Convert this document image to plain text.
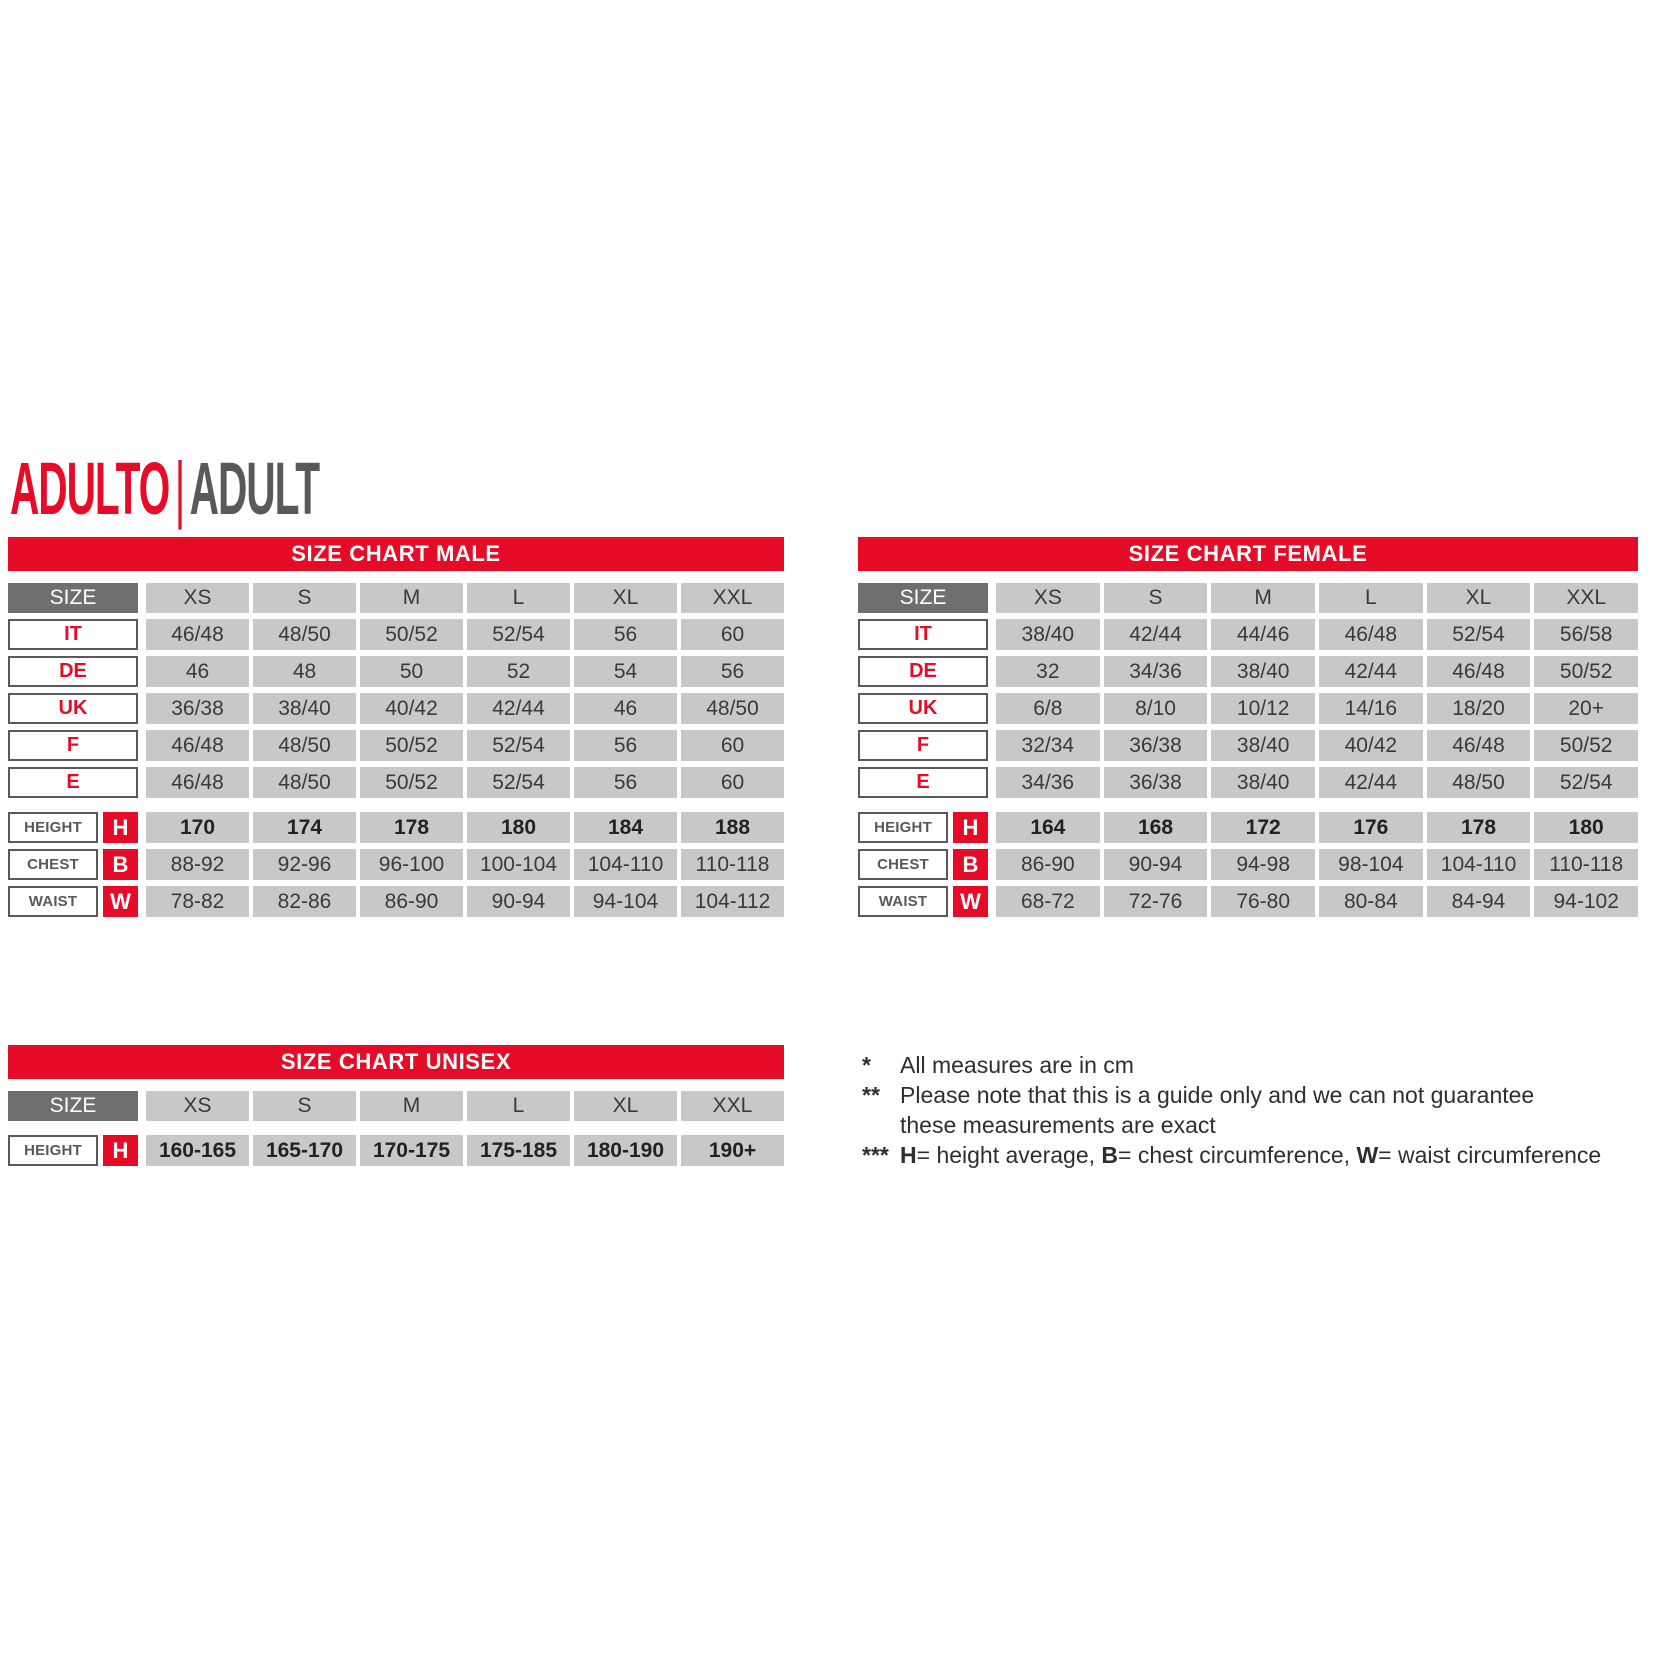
ADULTO|ADULT
SIZE CHART MALE
SIZE	XS	S	M	L	XL	XXL
IT	46/48	48/50	50/52	52/54	56	60
DE	46	48	50	52	54	56
UK	36/38	38/40	40/42	42/44	46	48/50
F	46/48	48/50	50/52	52/54	56	60
E	46/48	48/50	50/52	52/54	56	60
HEIGHT	H	170	174	178	180	184	188
CHEST	B	88-92	92-96	96-100	100-104	104-110	110-118
WAIST	W	78-82	82-86	86-90	90-94	94-104	104-112
SIZE CHART FEMALE
SIZE	XS	S	M	L	XL	XXL
IT	38/40	42/44	44/46	46/48	52/54	56/58
DE	32	34/36	38/40	42/44	46/48	50/52
UK	6/8	8/10	10/12	14/16	18/20	20+
F	32/34	36/38	38/40	40/42	46/48	50/52
E	34/36	36/38	38/40	42/44	48/50	52/54
HEIGHT	H	164	168	172	176	178	180
CHEST	B	86-90	90-94	94-98	98-104	104-110	110-118
WAIST	W	68-72	72-76	76-80	80-84	84-94	94-102
SIZE CHART UNISEX
SIZE	XS	S	M	L	XL	XXL
HEIGHT	H	160-165	165-170	170-175	175-185	180-190	190+
*	All measures are in cm
** Please note that this is a guide only and we can not guarantee
these measurements are exact
*** H= height average, B= chest circumference, W= waist circumference
